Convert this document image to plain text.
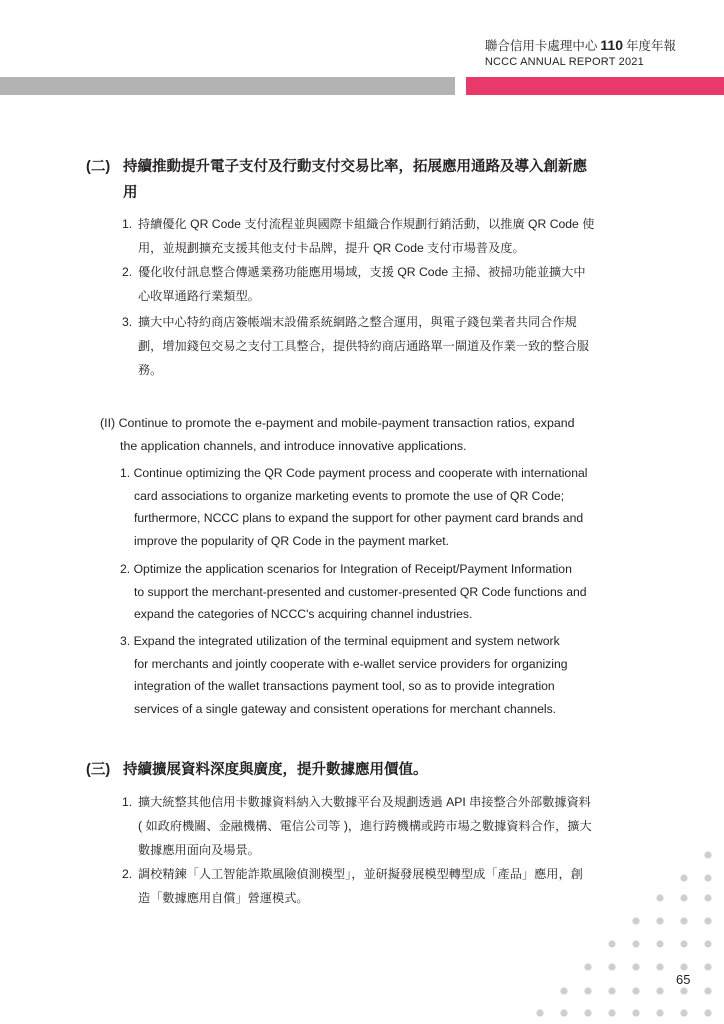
聯合信用卡處理中心 110 年度年報
NCCC ANNUAL REPORT 2021
(二) 持續推動提升電子支付及行動支付交易比率，拓展應用通路及導入創新應
用
1. 持續優化 QR Code 支付流程並與國際卡組織合作規劃行銷活動，以推廣 QR Code 使
用，並規劃擴充支援其他支付卡品牌，提升 QR Code 支付市場普及度。
2. 優化收付訊息整合傳遞業務功能應用場域，支援 QR Code 主掃、被掃功能並擴大中
心收單通路行業類型。
3. 擴大中心特約商店簽帳端末設備系統網路之整合運用，與電子錢包業者共同合作規
劃，增加錢包交易之支付工具整合，提供特約商店通路單一閘道及作業一致的整合服
務。
(II) Continue to promote the e-payment and mobile-payment transaction ratios, expand
the application channels, and introduce innovative applications.
1. Continue optimizing the QR Code payment process and cooperate with international
card associations to organize marketing events to promote the use of QR Code;
furthermore, NCCC plans to expand the support for other payment card brands and
improve the popularity of QR Code in the payment market.
2. Optimize the application scenarios for Integration of Receipt/Payment Information
to support the merchant-presented and customer-presented QR Code functions and
expand the categories of NCCC's acquiring channel industries.
3. Expand the integrated utilization of the terminal equipment and system network
for merchants and jointly cooperate with e-wallet service providers for organizing
integration of the wallet transactions payment tool, so as to provide integration
services of a single gateway and consistent operations for merchant channels.
(三) 持續擴展資料深度與廣度，提升數據應用價值。
1. 擴大統整其他信用卡數據資料納入大數據平台及規劃透過 API 串接整合外部數據資料
( 如政府機關、金融機構、電信公司等 )，進行跨機構或跨市場之數據資料合作，擴大
數據應用面向及場景。
2. 調校精鍊「人工智能詐欺風險偵測模型」，並研擬發展模型轉型成「產品」應用，創
造「數據應用自償」營運模式。
65
